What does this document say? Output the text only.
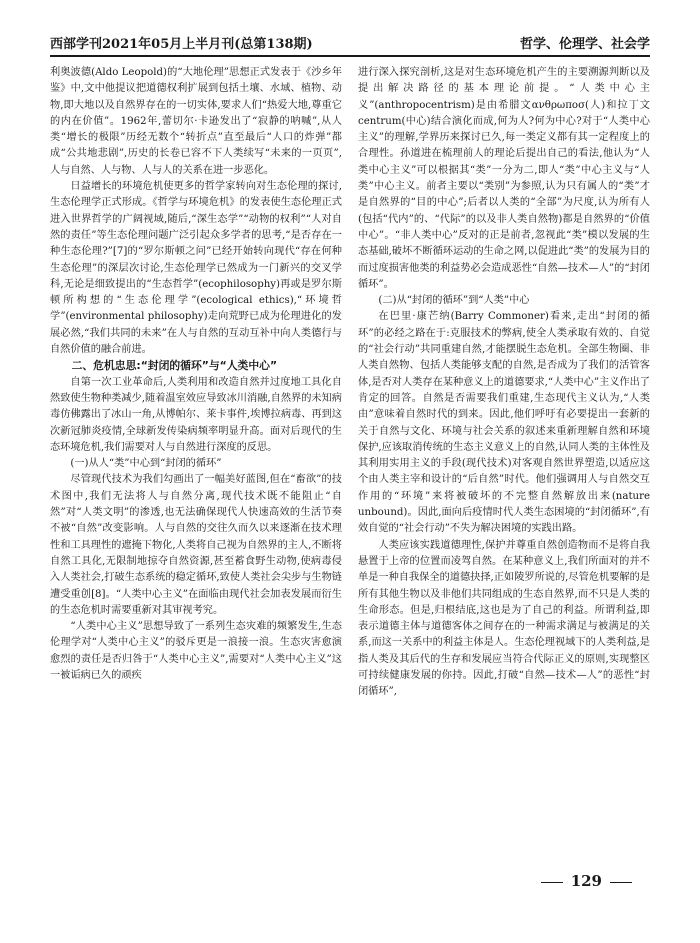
西部学刊2021年05月上半月刊(总第138期)	哲学、伦理学、社会学

利奥波德(Aldo Leopold)的“大地伦理”思想正式发表于《沙乡年鉴》中,文中他提议把道德权利扩展到包括土壤、水域、植物、动物,即大地以及自然界存在的一切实体,要求人们“热爱大地,尊重它的内在价值”。1962年,蕾切尔·卡逊发出了“寂静的呐喊”,从人类“增长的极限”历经无数个“转折点”直至最后“人口的炸弹”都成“公共地悲剧”,历史的长卷已容不下人类续写“未来的一页页”,人与自然、人与物、人与人的关系在进一步恶化。

日益增长的环境危机使更多的哲学家转向对生态伦理的探讨,生态伦理学正式形成。《哲学与环境危机》的发表使生态伦理正式进入世界哲学的广阔视域,随后,“深生态学”“动物的权利”“人对自然的责任”等生态伦理问题广泛引起众多学者的思考,“是否存在一种生态伦理?”[7]的“罗尔斯顿之问”已经开始转向现代“存在何种生态伦理”的深层次讨论,生态伦理学已然成为一门新兴的交叉学科,无论是细致提出的“生态哲学”(ecophilosophy)再或是罗尔斯顿所构想的“生态伦理学”(ecological ethics),“环境哲学”(environmental philosophy)走向荒野已成为伦理进化的发展必然,“我们共同的未来”在人与自然的互动互补中向人类德行与自然价值的融合前进。

二、危机忠思:“封闭的循环”与“人类中心”

自第一次工业革命后,人类利用和改造自然并过度地工具化自然致使生物种类减少,随着温室效应导致冰川消融,自然界的未知病毒仿佛露出了冰山一角,从博帕尔、莱卡事件,埃博拉病毒、再到这次新冠肺炎疫情,全球新发传染病频率明显升高。面对后现代的生态环境危机,我们需要对人与自然进行深度的反思。

(一)从人“类”中心到“封闭的循环”

尽管现代技术为我们勾画出了一幅美好蓝图,但在“畜欲”的技术图中,我们无法将人与自然分离,现代技术既不能阻止“自然”对“人类文明”的渗透,也无法确保现代人快速高效的生活节奏不被“自然”改变影响。人与自然的交往久而久以来逐渐在技术理性和工具理性的遮掩下物化,人类将自己视为自然界的主人,不断将自然工具化,无限制地掠夺自然资源,甚至蓄食野生动物,使病毒侵入人类社会,打破生态系统的稳定循环,致使人类社会尖步与生物链遭受重创[8]。“人类中心主义”在面临由现代社会加表发展而衍生的生态危机时需要重新对其审视考究。

“人类中心主义”思想导致了一系列生态灾难的频繁发生,生态伦理学对“人类中心主义”的驳斥更是一浪接一浪。生态灾害愈演愈烈的责任是否归咎于“人类中心主义”,需要对“人类中心主义”这一被诟病已久的顽疾

进行深入探究剖析,这是对生态环境危机产生的主要溯源判断以及提出解决路径的基本理论前提。“人类中心主义”(anthropocentrism)是由希腊文ανθρωποσ(人)和拉丁文centrum(中心)结合演化而成,何为人?何为中心?对于“人类中心主义”的理解,学界历来探讨已久,每一类定义都有其一定程度上的合理性。孙道进在梳理前人的理论后提出自己的看法,他认为“人类中心主义”可以根据其“类”一分为二,即人“类”中心主义与“人类”中心主义。前者主要以“类别”为参照,认为只有属人的“类”才是自然界的“目的中心”;后者以人类的“全部”为尺度,认为所有人(包括“代内”的、“代际”的以及非人类自然物)都是自然界的“价值中心”。“非人类中心”反对的正是前者,忽视此“类”模以发展的生态基础,破坏不断循环运动的生命之网,以促进此“类”的发展为目的而过度损害他类的利益势必会造成恶性“自然—技术—人”的“封闭循环”。

(二)从“封闭的循环”到“人类”中心

在巴里·康芒纳(Barry Commoner)看来,走出“封闭的循环”的必经之路在于:克服技术的弊病,使全人类承取有效的、自觉的“社会行动”共同重建自然,才能摆脱生态危机。全部生物圈、非人类自然物、包括人类能够支配的自然,是否成为了我们的活管客体,是否对人类存在某种意义上的道德要求,“人类中心”主义作出了肯定的回答。自然是否需要我们重建,生态现代主义认为,“人类由”意味着自然时代的到来。因此,他们呼吁有必要提出一套新的关于自然与文化、环境与社会关系的叙述来重新理解自然和环境保护,应该取消传统的生态主义意义上的自然,认同人类的主体性及其利用实用主义的手段(现代技术)对客观自然世界塑造,以适应这个由人类主宰和设计的“后自然”时代。他们强调用人与自然交互作用的“环境”来将被破坏的不完整自然解放出来(nature unbound)。因此,面向后疫情时代人类生态困境的“封闭循环”,有效自觉的“社会行动”不失为解决困境的实践出路。

人类应该实践道德理性,保护并尊重自然创造物而不是将自我悬置于上帝的位置而凌驾自然。在某种意义上,我们所面对的并不单是一种自我保全的道德抉择,正如陵罗所说的,尽管危机要解的是所有其他生物以及非他们共同组成的生态自然界,而不只是人类的生命形态。但是,归根结底,这也是为了自己的利益。所谓利益,即表示道德主体与道德客体之间存在的一种需求满足与被满足的关系,而这一关系中的利益主体是人。生态伦理视域下的人类利益,是指人类及其后代的生存和发展应当符合代际正义的原则,实现整区可持续健康发展的你持。因此,打破“自然—技术—人”的恶性“封闭循环”,

129
